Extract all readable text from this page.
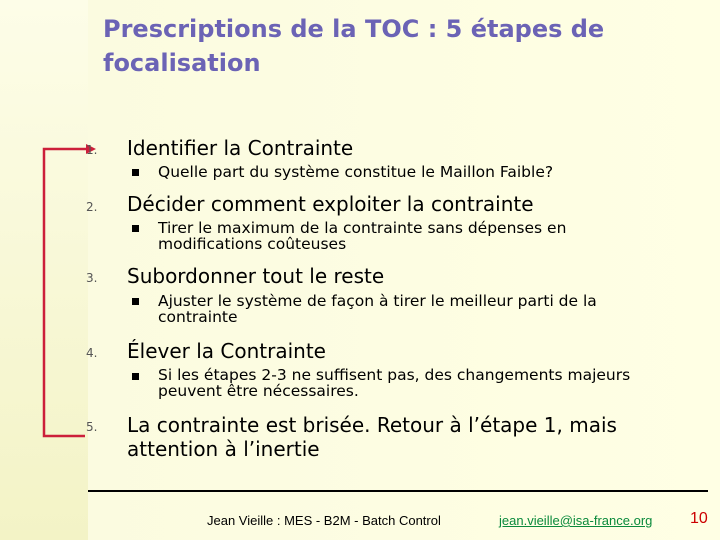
Prescriptions de la TOC : 5 étapes de focalisation
1.	Identifier la Contrainte
Quelle part du système constitue le Maillon Faible?
2.	Décider comment exploiter la contrainte
Tirer le maximum de la contrainte sans dépenses en modifications coûteuses
3.	Subordonner tout le reste
Ajuster le système de façon à tirer le meilleur parti de la contrainte
4.	Élever la Contrainte
Si les étapes 2-3 ne suffisent pas, des changements majeurs peuvent être nécessaires.
5.	La contrainte est brisée. Retour à l’étape 1, mais attention à l’inertie
Jean Vieille : MES - B2M - Batch Control	jean.vieille@isa-france.org 10
